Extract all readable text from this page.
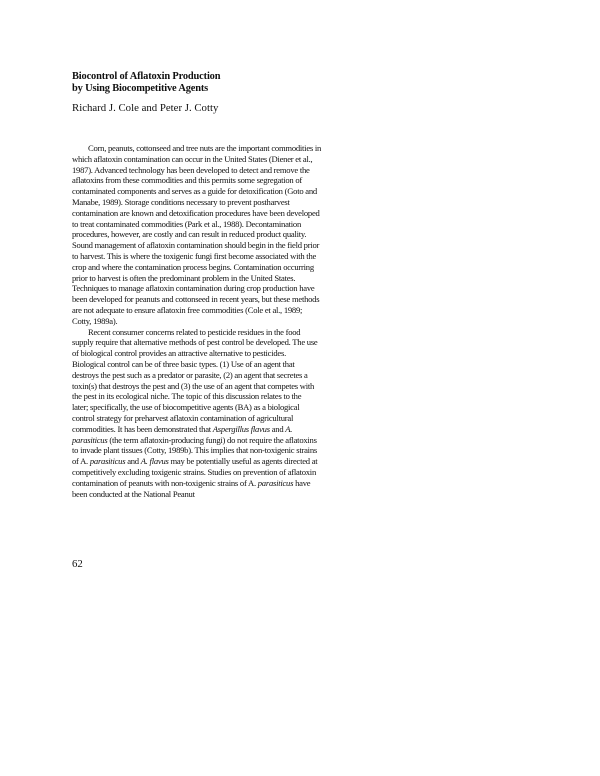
Biocontrol of Aflatoxin Production
by Using Biocompetitive Agents
Richard J. Cole and Peter J. Cotty
Corn, peanuts, cottonseed and tree nuts are the important commodities in
which aflatoxin contamination can occur in the United States (Diener et al.,
1987). Advanced technology has been developed to detect and remove the
aflatoxins from these commodities and this permits some segregation of
contaminated components and serves as a guide for detoxification (Goto and
Manabe, 1989). Storage conditions necessary to prevent postharvest
contamination are known and detoxification procedures have been developed
to treat contaminated commodities (Park et al., 1988). Decontamination
procedures, however, are costly and can result in reduced product quality.
Sound management of aflatoxin contamination should begin in the field prior
to harvest. This is where the toxigenic fungi first become associated with the
crop and where the contamination process begins. Contamination occurring
prior to harvest is often the predominant problem in the United States.
Techniques to manage aflatoxin contamination during crop production have
been developed for peanuts and cottonseed in recent years, but these methods
are not adequate to ensure aflatoxin free commodities (Cole et al., 1989;
Cotty, 1989a).
Recent consumer concerns related to pesticide residues in the food
supply require that alternative methods of pest control be developed. The use
of biological control provides an attractive alternative to pesticides.
Biological control can be of three basic types. (1) Use of an agent that
destroys the pest such as a predator or parasite, (2) an agent that secretes a
toxin(s) that destroys the pest and (3) the use of an agent that competes with
the pest in its ecological niche. The topic of this discussion relates to the
later; specifically, the use of biocompetitive agents (BA) as a biological
control strategy for preharvest aflatoxin contamination of agricultural
commodities. It has been demonstrated that Aspergillus flavus and A.
parasiticus (the term aflatoxin-producing fungi) do not require the aflatoxins
to invade plant tissues (Cotty, 1989b). This implies that non-toxigenic strains
of A. parasiticus and A. flavus may be potentially useful as agents directed at
competitively excluding toxigenic strains. Studies on prevention of aflatoxin
contamination of peanuts with non-toxigenic strains of A. parasiticus have
been conducted at the National Peanut
62
